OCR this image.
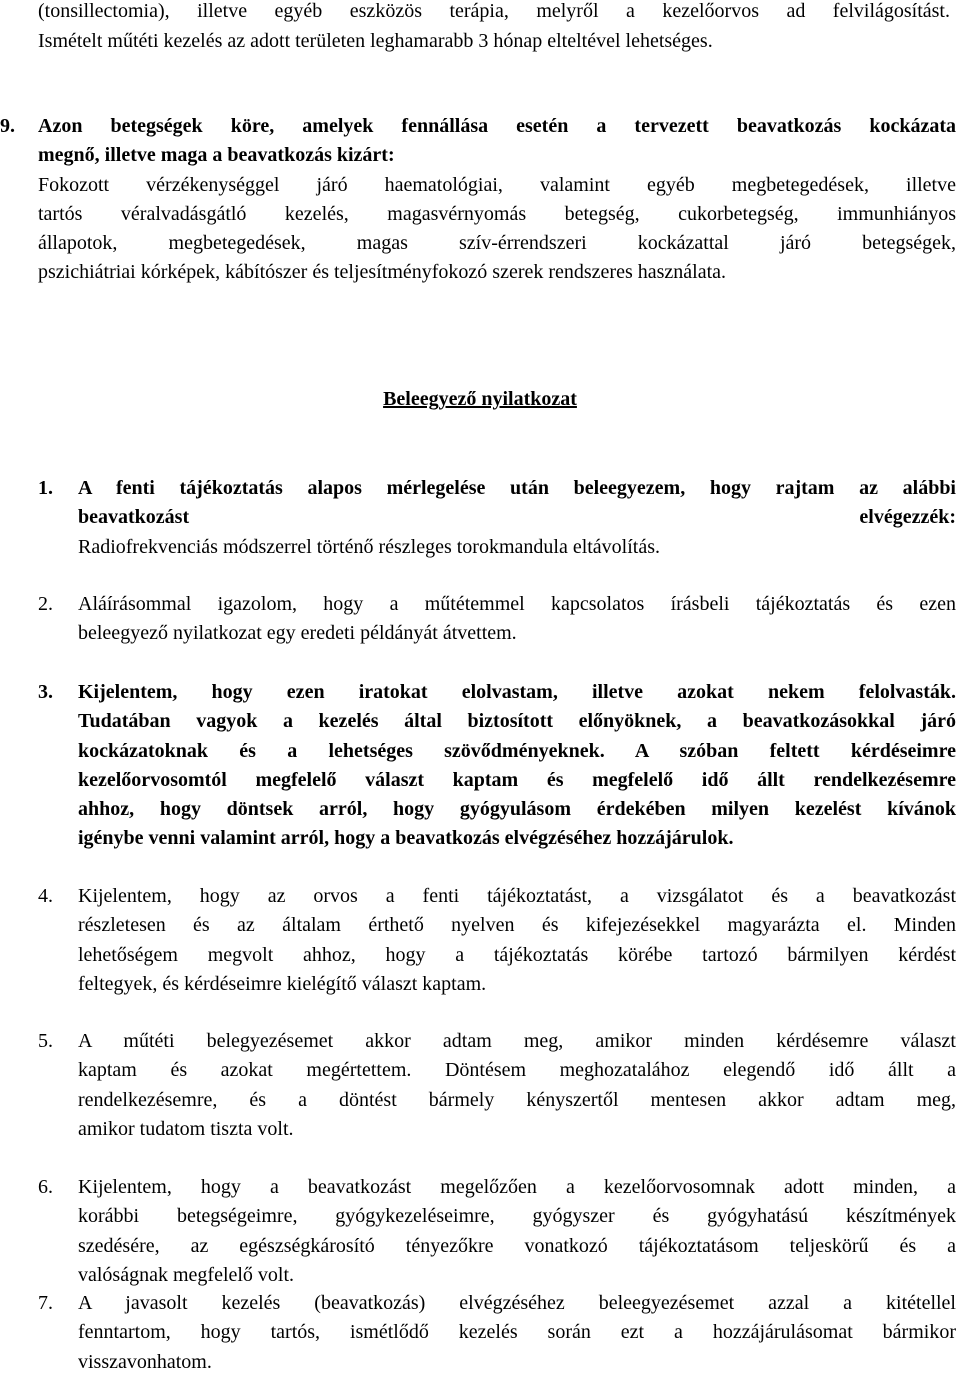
(tonsillectomia), illetve egyéb eszközös terápia, melyről a kezelőorvos ad felvilágosítást.
Ismételt műtéti kezelés az adott területen leghamarabb 3 hónap elteltével lehetséges.
9.	Azon betegségek köre, amelyek fennállása esetén a tervezett beavatkozás kockázata
megnő, illetve maga a beavatkozás kizárt:
Fokozott vérzékenységgel járó haematológiai, valamint egyéb megbetegedések, illetve
tartós véralvadásgátló kezelés, magasvérnyomás betegség, cukorbetegség, immunhiányos
állapotok, megbetegedések, magas szív-érrendszeri kockázattal járó betegségek,
pszichiátriai kórképek, kábítószer és teljesítményfokozó szerek rendszeres használata.
Beleegyező nyilatkozat
1.	A fenti tájékoztatás alapos mérlegelése után beleegyezem, hogy rajtam az alábbi
beavatkozást elvégezzék:
Radiofrekvenciás módszerrel történő részleges torokmandula eltávolítás.
2.	Aláírásommal igazolom, hogy a műtétemmel kapcsolatos írásbeli tájékoztatás és ezen
beleegyező nyilatkozat egy eredeti példányát átvettem.
3.	Kijelentem, hogy ezen iratokat elolvastam, illetve azokat nekem felolvasták.
Tudatában vagyok a kezelés által biztosított előnyöknek, a beavatkozásokkal járó
kockázatoknak és a lehetséges szövődményeknek. A szóban feltett kérdéseimre
kezelőorvosomtól megfelelő választ kaptam és megfelelő idő állt rendelkezésemre
ahhoz, hogy döntsek arról, hogy gyógyulásom érdekében milyen kezelést kívánok
igénybe venni valamint arról, hogy a beavatkozás elvégzéséhez hozzájárulok.
4.	Kijelentem, hogy az orvos a fenti tájékoztatást, a vizsgálatot és a beavatkozást
részletesen és az általam érthető nyelven és kifejezésekkel magyarázta el. Minden
lehetőségem megvolt ahhoz, hogy a tájékoztatás körébe tartozó bármilyen kérdést
feltegyek, és kérdéseimre kielégítő választ kaptam.
5.	A műtéti belegyezésemet akkor adtam meg, amikor minden kérdésemre választ
kaptam és azokat megértettem. Döntésem meghozatalához elegendő idő állt a
rendelkezésemre, és a döntést bármely kényszertől mentesen akkor adtam meg,
amikor tudatom tiszta volt.
6.	Kijelentem, hogy a beavatkozást megelőzően a kezelőorvosomnak adott minden, a
korábbi betegségeimre, gyógykezeléseimre, gyógyszer és gyógyhatású készítmények
szedésére, az egészségkárosító tényezőkre vonatkozó tájékoztatásom teljeskörű és a
valóságnak megfelelő volt.
7.	A javasolt kezelés (beavatkozás) elvégzéséhez beleegyezésemet azzal a kitétellel
fenntartom, hogy tartós, ismétlődő kezelés során ezt a hozzájárulásomat bármikor
visszavonhatom.
